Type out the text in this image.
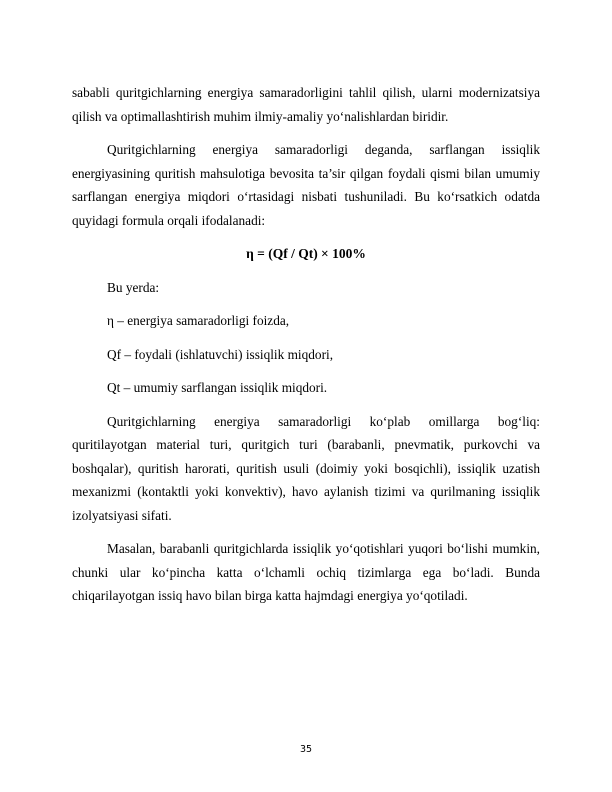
sababli quritgichlarning energiya samaradorligini tahlil qilish, ularni modernizatsiya qilish va optimallashtirish muhim ilmiy-amaliy yo‘nalishlardan biridir.

Quritgichlarning energiya samaradorligi deganda, sarflangan issiqlik energiyasining quritish mahsulotiga bevosita ta’sir qilgan foydali qismi bilan umumiy sarflangan energiya miqdori o‘rtasidagi nisbati tushuniladi. Bu ko‘rsatkich odatda quyidagi formula orqali ifodalanadi:

η = (Qf / Qt) × 100%

Bu yerda:

η – energiya samaradorligi foizda,

Qf – foydali (ishlatuvchi) issiqlik miqdori,

Qt – umumiy sarflangan issiqlik miqdori.

Quritgichlarning energiya samaradorligi ko‘plab omillarga bog‘liq: quritilayotgan material turi, quritgich turi (barabanli, pnevmatik, purkovchi va boshqalar), quritish harorati, quritish usuli (doimiy yoki bosqichli), issiqlik uzatish mexanizmi (kontaktli yoki konvektiv), havo aylanish tizimi va qurilmaning issiqlik izolyatsiyasi sifati.

Masalan, barabanli quritgichlarda issiqlik yo‘qotishlari yuqori bo‘lishi mumkin, chunki ular ko‘pincha katta o‘lchamli ochiq tizimlarga ega bo‘ladi. Bunda chiqarilayotgan issiq havo bilan birga katta hajmdagi energiya yo‘qotiladi.

35
